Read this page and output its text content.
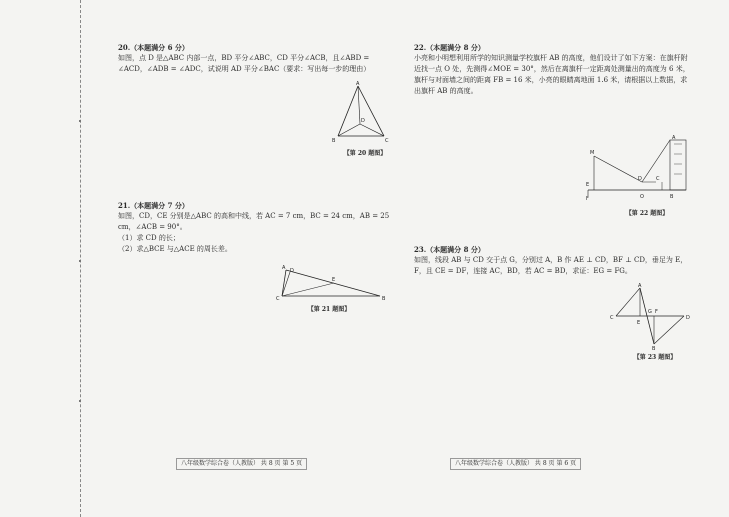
20.（本题满分 6 分）

如图，点 D 是△ABC 内部一点，BD 平分∠ABC，CD 平分∠ACB，且∠ABD = ∠ACD，∠ADB = ∠ADC，试说明 AD 平分∠BAC（要求：写出每一步的理由）

A
B	C
D
【第 20 题图】

21.（本题满分 7 分）

如图，CD，CE 分别是△ABC 的高和中线，若 AC = 7 cm，BC = 24 cm，AB = 25 cm，∠ACB = 90°。

（1）求 CD 的长；

（2）求△BCE 与△ACE 的周长差。

A D
C
E
B
【第 21 题图】

22.（本题满分 8 分）

小亮和小明想利用所学的知识测量学校旗杆 AB 的高度，他们设计了如下方案：在旗杆附近找一点 O 处，先测得∠MOE = 30°，然后在离旗杆一定距离处测量出的高度为 6 米，旗杆与对面墙之间的距离 FB = 16 米，小亮的眼睛离地面 1.6 米，请根据以上数据，求出旗杆 AB 的高度。

M
D	C
A
E
F	O	B
【第 22 题图】

23.（本题满分 8 分）

如图，线段 AB 与 CD 交于点 G，分别过 A，B 作 AE ⊥ CD，BF ⊥ CD，垂足为 E，F，且 CE = DF，连接 AC，BD，若 AC = BD，求证：EG = FG。

A
C	D
E
G F
B
【第 23 题图】
八年级数学综合卷（人教版） 共 8 页 第 5 页	八年级数学综合卷（人教版） 共 8 页 第 6 页
